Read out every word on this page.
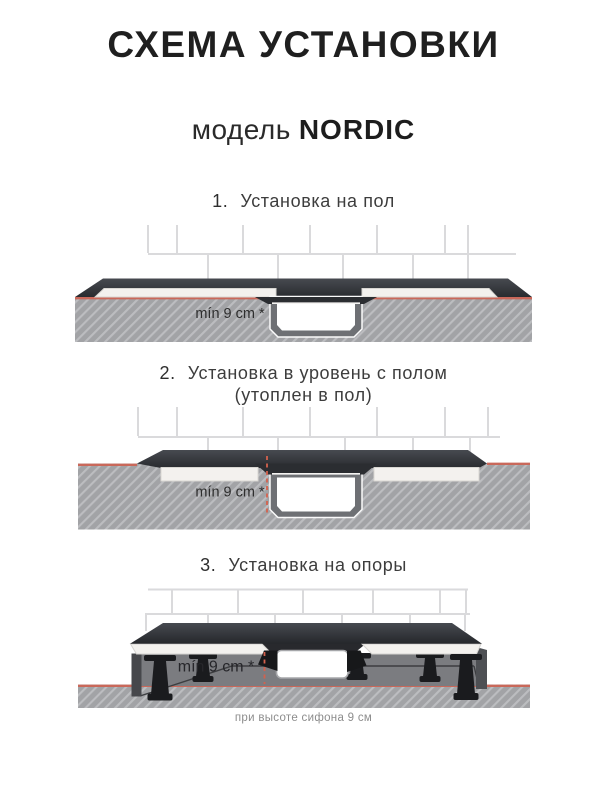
СХЕМА УСТАНОВКИ
модель NORDIC
1. Установка на пол
mín 9 cm *
2. Установка в уровень с полом
(утоплен в пол)
mín 9 cm *
3. Установка на опоры
mín 9 cm *
при высоте сифона 9 см
